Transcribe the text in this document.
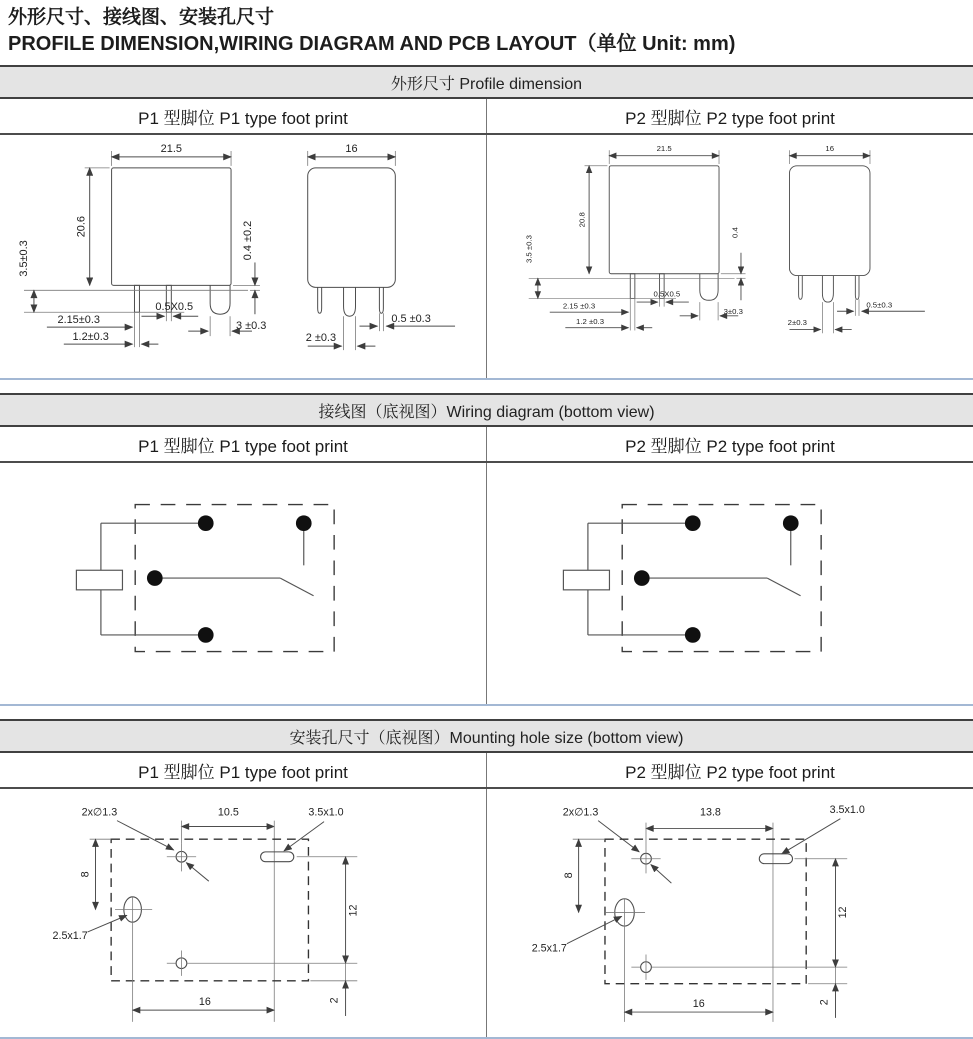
外形尺寸、接线图、安装孔尺寸
PROFILE DIMENSION,WIRING DIAGRAM AND PCB LAYOUT（单位 Unit: mm)
外形尺寸 Profile dimension
P1 型脚位 P1 type foot print	P2 型脚位 P2 type foot print
21.5
20.6
3.5±0.3	0.4 ±0.2
2.15±0.3
0.5X0.5
3 ±0.3
1.2±0.3
16
0.5 ±0.3
2 ±0.3
21.5
20.8
3.5 ±0.3
0.4
2.15 ±0.3
0.5X0.5
3±0.3
1.2 ±0.3
16
0.5±0.3
2±0.3
接线图（底视图）Wiring diagram (bottom view)
P1 型脚位 P1 type foot print	P2 型脚位 P2 type foot print
安装孔尺寸（底视图）Mounting hole size (bottom view)
P1 型脚位 P1 type foot print	P2 型脚位 P2 type foot print
2x∅1.3	10.5	3.5x1.0
8
2.5x1.7
12
2
16
2x∅1.3	13.8	3.5x1.0
8
2.5x1.7
12
2
16
